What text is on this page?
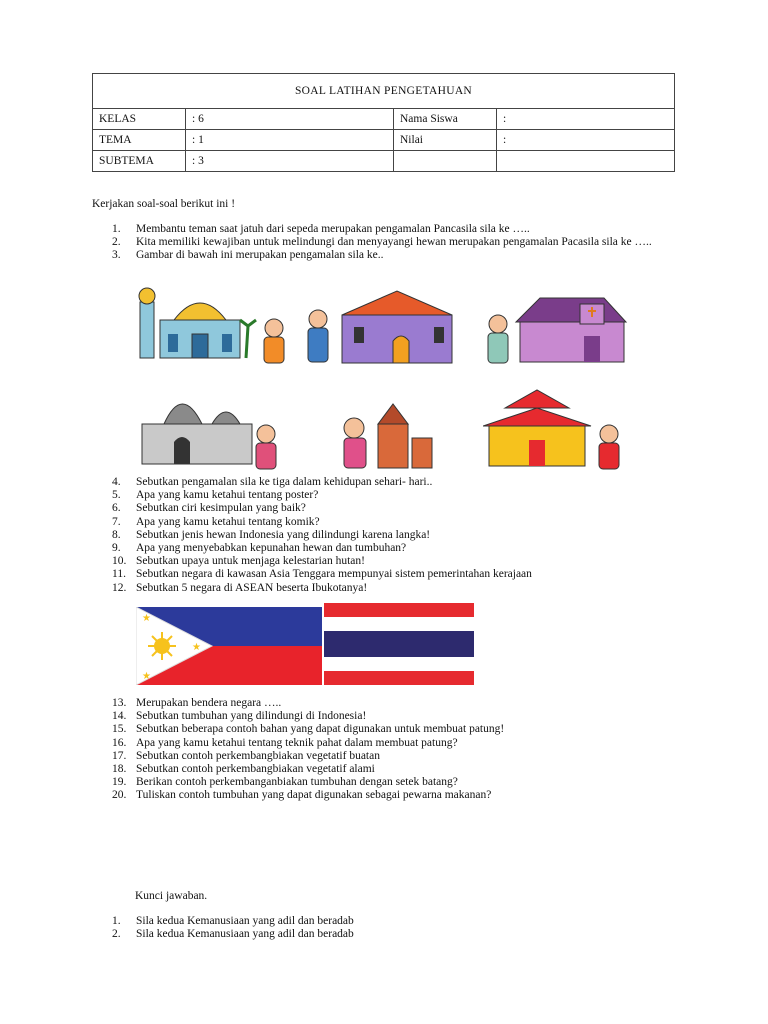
SOAL LATIHAN PENGETAHUAN			
KELAS	: 6	Nama Siswa	:
TEMA	: 1	Nilai	:
SUBTEMA	: 3		
Kerjakan soal-soal berikut ini !
1. Membantu teman saat jatuh dari sepeda merupakan pengamalan Pancasila sila ke …..
2. Kita memiliki kewajiban untuk melindungi dan menyayangi hewan merupakan pengamalan Pacasila sila ke …..
3. Gambar di bawah ini merupakan pengamalan sila ke..
4. Sebutkan pengamalan sila ke tiga dalam kehidupan sehari- hari..
5. Apa yang kamu ketahui tentang poster?
6. Sebutkan ciri kesimpulan yang baik?
7. Apa yang kamu ketahui tentang komik?
8. Sebutkan jenis hewan Indonesia yang dilindungi karena langka!
9. Apa yang menyebabkan kepunahan hewan dan tumbuhan?
10. Sebutkan upaya untuk menjaga kelestarian hutan!
11. Sebutkan negara di kawasan Asia Tenggara mempunyai sistem pemerintahan kerajaan
12. Sebutkan 5 negara di ASEAN beserta Ibukotanya!
★
★
★
13. Merupakan bendera negara …..
14. Sebutkan tumbuhan yang dilindungi di Indonesia!
15. Sebutkan beberapa contoh bahan yang dapat digunakan untuk membuat patung!
16. Apa yang kamu ketahui tentang teknik pahat dalam membuat patung?
17. Sebutkan contoh perkembangbiakan vegetatif buatan
18. Sebutkan contoh perkembangbiakan vegetatif alami
19. Berikan contoh perkembanganbiakan tumbuhan dengan setek batang?
20. Tuliskan contoh tumbuhan yang dapat digunakan sebagai pewarna makanan?
Kunci jawaban.
1. Sila kedua Kemanusiaan yang adil dan beradab
2. Sila kedua Kemanusiaan yang adil dan beradab
